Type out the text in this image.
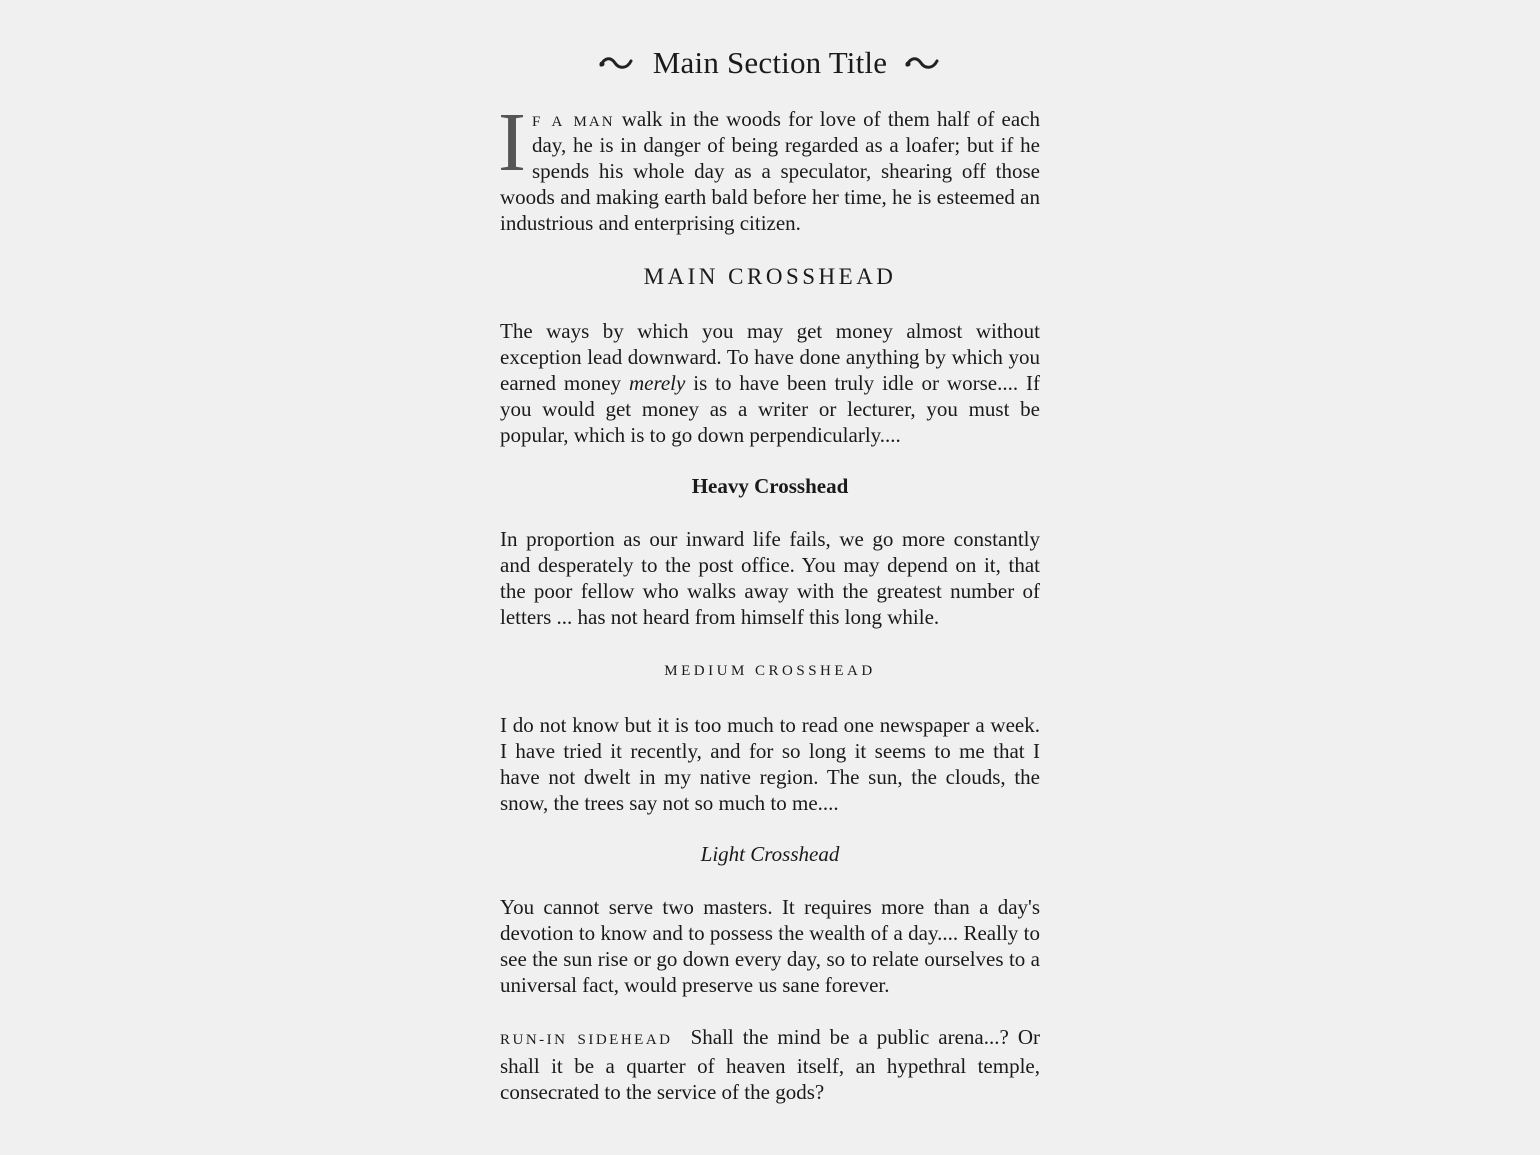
Main Section Title

I f a man walk in the woods for love of them half of each day, he is in danger of being regarded as a loafer; but if he spends his whole day as a speculator, shearing off those woods and making earth bald before her time, he is esteemed an industrious and enterprising citizen.

MAIN CROSSHEAD

The ways by which you may get money almost without exception lead downward. To have done anything by which you earned money merely is to have been truly idle or worse.... If you would get money as a writer or lecturer, you must be popular, which is to go down perpendicularly....

Heavy Crosshead

In proportion as our inward life fails, we go more constantly and desperately to the post office. You may depend on it, that the poor fellow who walks away with the greatest number of letters ... has not heard from himself this long while.

MEDIUM CROSSHEAD

I do not know but it is too much to read one newspaper a week. I have tried it recently, and for so long it seems to me that I have not dwelt in my native region. The sun, the clouds, the snow, the trees say not so much to me....

Light Crosshead

You cannot serve two masters. It requires more than a day's devotion to know and to possess the wealth of a day.... Really to see the sun rise or go down every day, so to relate ourselves to a universal fact, would preserve us sane forever.

RUN-IN SIDEHEAD Shall the mind be a public arena...? Or shall it be a quarter of heaven itself, an hypethral temple, consecrated to the service of the gods?
